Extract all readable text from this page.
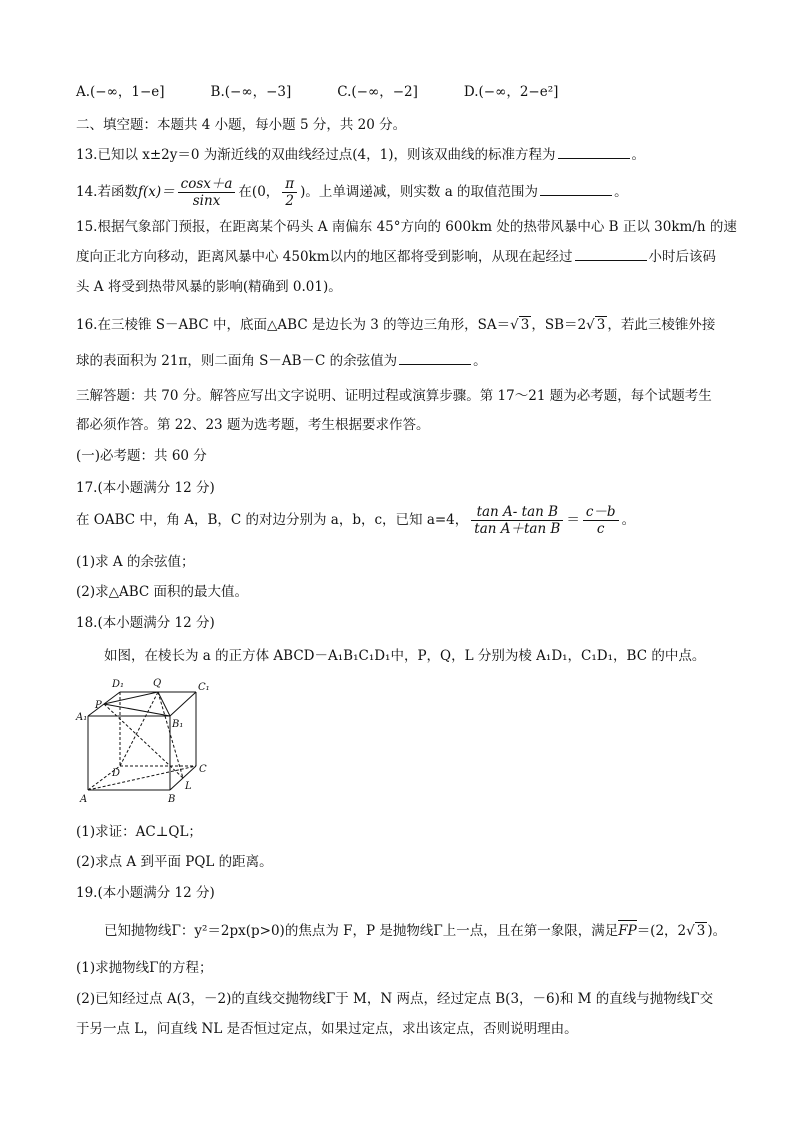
A.(−∞，1−e]	B.(−∞，−3]	C.(−∞，−2]	D.(−∞，2−e²]
二、填空题：本题共 4 小题，每小题 5 分，共 20 分。
13.已知以 x±2y＝0 为渐近线的双曲线经过点(4，1)，则该双曲线的标准方程为	。
14.若函数$f(x)= \frac{\cos x+a}{\sin x}$ 在(0， $\frac{\pi}{2}$ )。上单调递减，则实数 a 的取值范围为	。
15.根据气象部门预报，在距离某个码头 A 南偏东 45°方向的 600km 处的热带风暴中心 B 正以 30km/h 的速
度向正北方向移动，距离风暴中心 450km以内的地区都将受到影响，从现在起经过	小时后该码
头 A 将受到热带风暴的影响(精确到 0.01)。
16.在三棱锥 S－ABC 中，底面△ABC 是边长为 3 的等边三角形，SA＝√ 3 ，SB＝2√ 3 ，若此三棱锥外接
球的表面积为 21π，则二面角 S－AB－C 的余弦值为	。
三解答题：共 70 分。解答应写出文字说明、证明过程或演算步骤。第 17～21 题为必考题，每个试题考生
都必须作答。第 22、23 题为选考题，考生根据要求作答。
(一)必考题：共 60 分
17.(本小题满分 12 分)
在 OABC 中，角 A，B，C 的对边分别为 a，b，c，已知 a=4， $\frac{\text{tan A- tan B}}{\text{tan A＋tan B}} = \frac{c-b}{c}$ 。
(1)求 A 的余弦值；
(2)求△ABC 面积的最大值。
18.(本小题满分 12 分)
如图，在棱长为 a 的正方体 ABCD－A₁B₁C₁D₁中，P，Q，L 分别为棱 A₁D₁，C₁D₁，BC 的中点。
D₁	Q	C₁
A₁
P
B₁
D	C
L
A	B
(1)求证：AC⊥QL；
(2)求点 A 到平面 PQL 的距离。
19.(本小题满分 12 分)
已知抛物线Γ：y²＝2px(p>0)的焦点为 F，P 是抛物线Γ上一点，且在第一象限，满足FP＝(2，2√ 3 )。
(1)求抛物线Γ的方程；
(2)已知经过点 A(3，－2)的直线交抛物线Γ于 M，N 两点，经过定点 B(3，－6)和 M 的直线与抛物线Γ交
于另一点 L，问直线 NL 是否恒过定点，如果过定点，求出该定点，否则说明理由。
